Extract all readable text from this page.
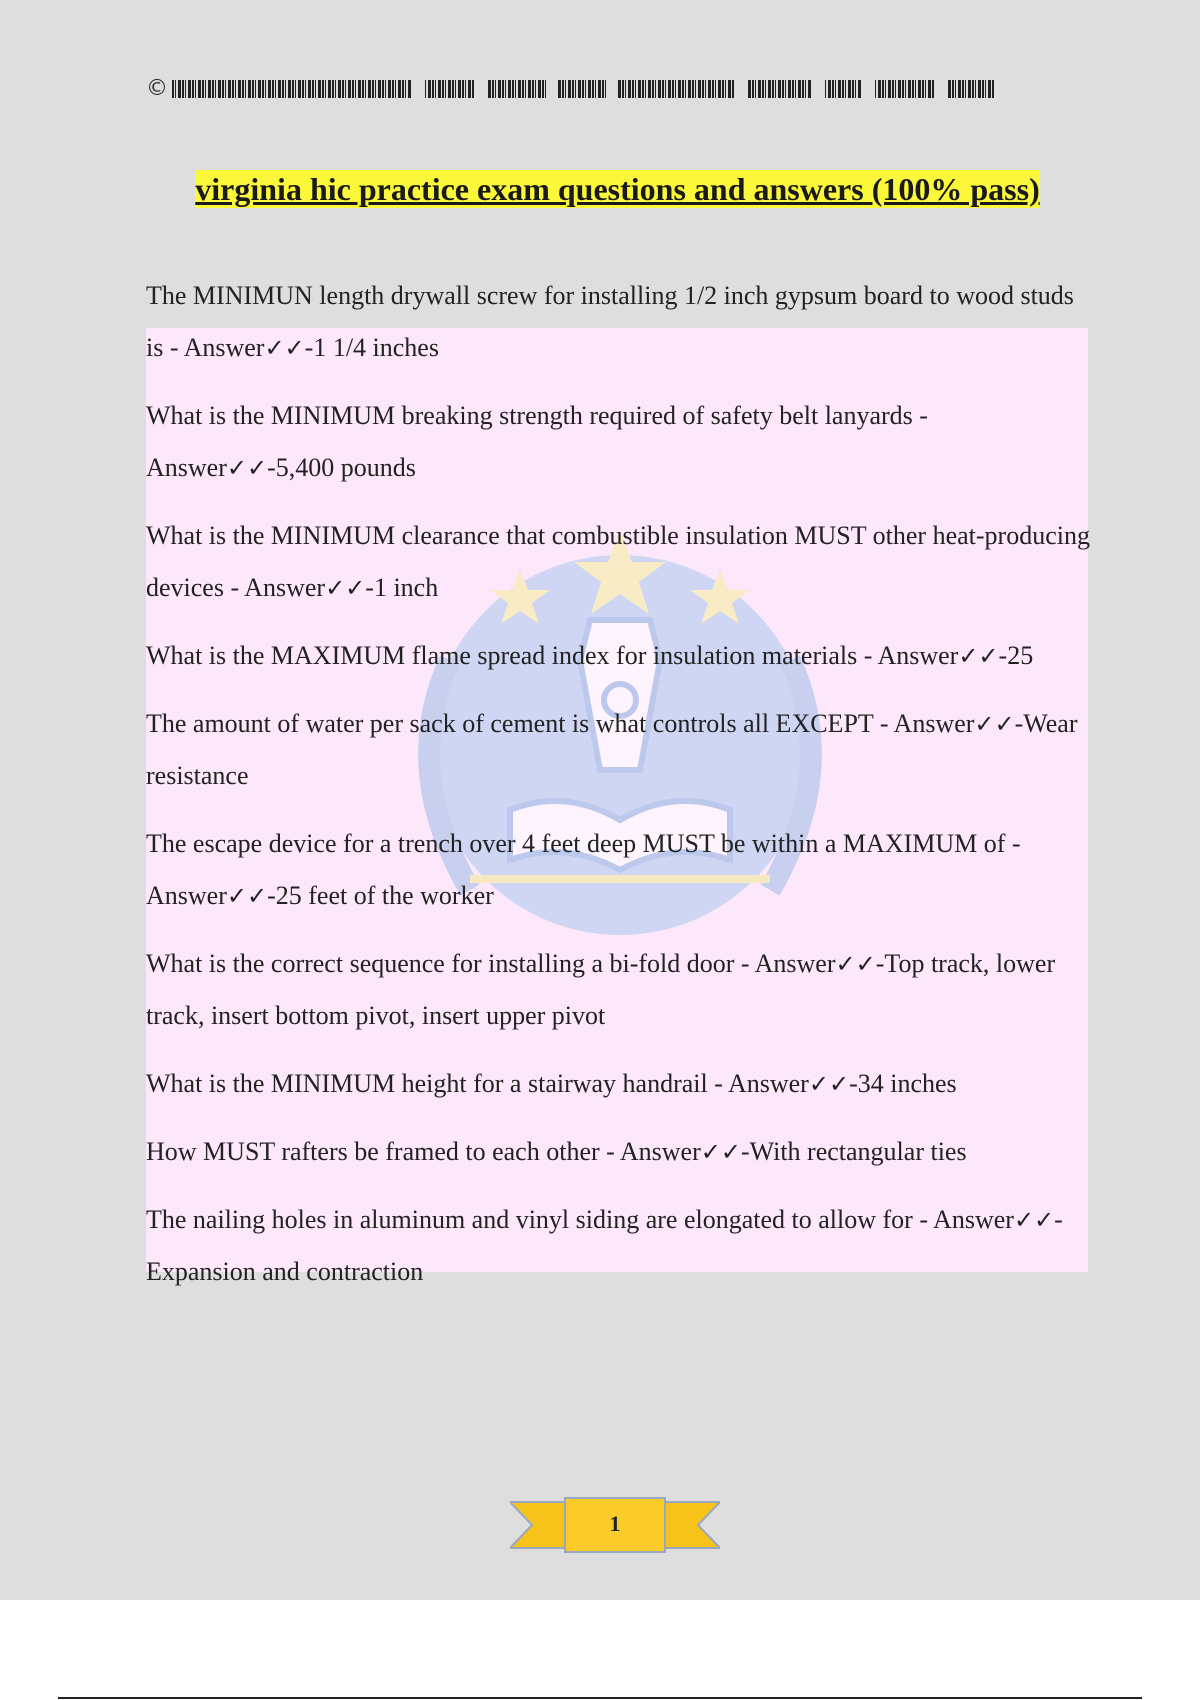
©
virginia hic practice exam questions and answers (100% pass)
The MINIMUN length drywall screw for installing 1/2 inch gypsum board to wood studs is - Answer✓✓-1 1/4 inches
What is the MINIMUM breaking strength required of safety belt lanyards - Answer✓✓-5,400 pounds
What is the MINIMUM clearance that combustible insulation MUST other heat-producing devices - Answer✓✓-1 inch
What is the MAXIMUM flame spread index for insulation materials - Answer✓✓-25
The amount of water per sack of cement is what controls all EXCEPT - Answer✓✓-Wear resistance
The escape device for a trench over 4 feet deep MUST be within a MAXIMUM of - Answer✓✓-25 feet of the worker
What is the correct sequence for installing a bi-fold door - Answer✓✓-Top track, lower track, insert bottom pivot, insert upper pivot
What is the MINIMUM height for a stairway handrail - Answer✓✓-34 inches
How MUST rafters be framed to each other - Answer✓✓-With rectangular ties
The nailing holes in aluminum and vinyl siding are elongated to allow for - Answer✓✓-Expansion and contraction
1
